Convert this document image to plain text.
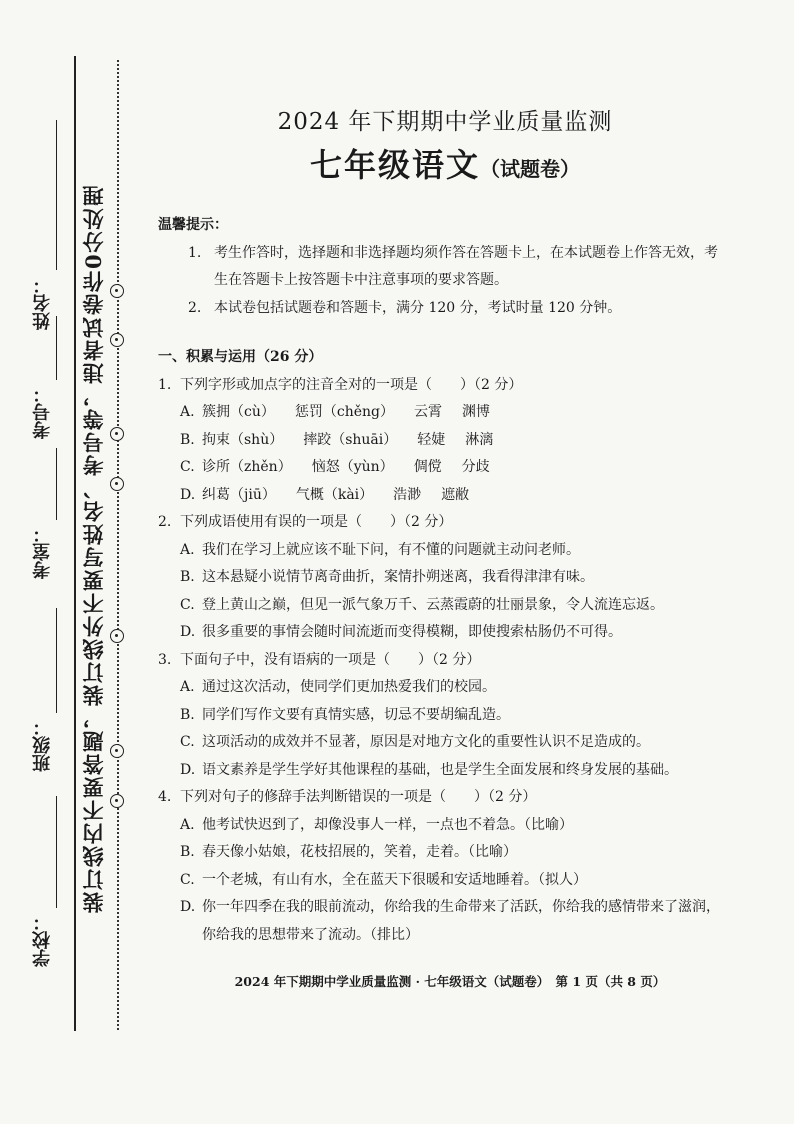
装订线内不要答题，装订线外不要写姓名、考号等，违者试卷作0分处理
姓名：
考号：
考室：
班级：
学校：
2024 年下期期中学业质量监测
七年级语文（试题卷）
温馨提示：
1. 考生作答时，选择题和非选择题均须作答在答题卡上，在本试题卷上作答无效，考
生在答题卡上按答题卡中注意事项的要求答题。
2. 本试卷包括试题卷和答题卡，满分 120 分，考试时量 120 分钟。
一、积累与运用（26 分）
1. 下列字形或加点字的注音全对的一项是（　　）（2 分）
A. 簇拥（cù） 惩罚（chěng） 云霄 渊博
B. 拘束（shù） 摔跤（shuāi） 轻婕 淋漓
C. 诊所（zhěn） 恼怒（yùn） 倜傥 分歧
D. 纠葛（jiū） 气概（kài） 浩渺 遮敝
2. 下列成语使用有误的一项是（　　）（2 分）
A. 我们在学习上就应该不耻下问，有不懂的问题就主动问老师。
B. 这本悬疑小说情节离奇曲折，案情扑朔迷离，我看得津津有味。
C. 登上黄山之巅，但见一派气象万千、云蒸霞蔚的壮丽景象，令人流连忘返。
D. 很多重要的事情会随时间流逝而变得模糊，即使搜索枯肠仍不可得。
3. 下面句子中，没有语病的一项是（　　）（2 分）
A. 通过这次活动，使同学们更加热爱我们的校园。
B. 同学们写作文要有真情实感，切忌不要胡编乱造。
C. 这项活动的成效并不显著，原因是对地方文化的重要性认识不足造成的。
D. 语文素养是学生学好其他课程的基础，也是学生全面发展和终身发展的基础。
4. 下列对句子的修辞手法判断错误的一项是（　　）（2 分）
A. 他考试快迟到了，却像没事人一样，一点也不着急。（比喻）
B. 春天像小姑娘，花枝招展的，笑着，走着。（比喻）
C. 一个老城，有山有水，全在蓝天下很暖和安适地睡着。（拟人）
D. 你一年四季在我的眼前流动，你给我的生命带来了活跃，你给我的感情带来了滋润，
你给我的思想带来了流动。（排比）
2024 年下期期中学业质量监测 · 七年级语文（试题卷）　第 1 页（共 8 页）
